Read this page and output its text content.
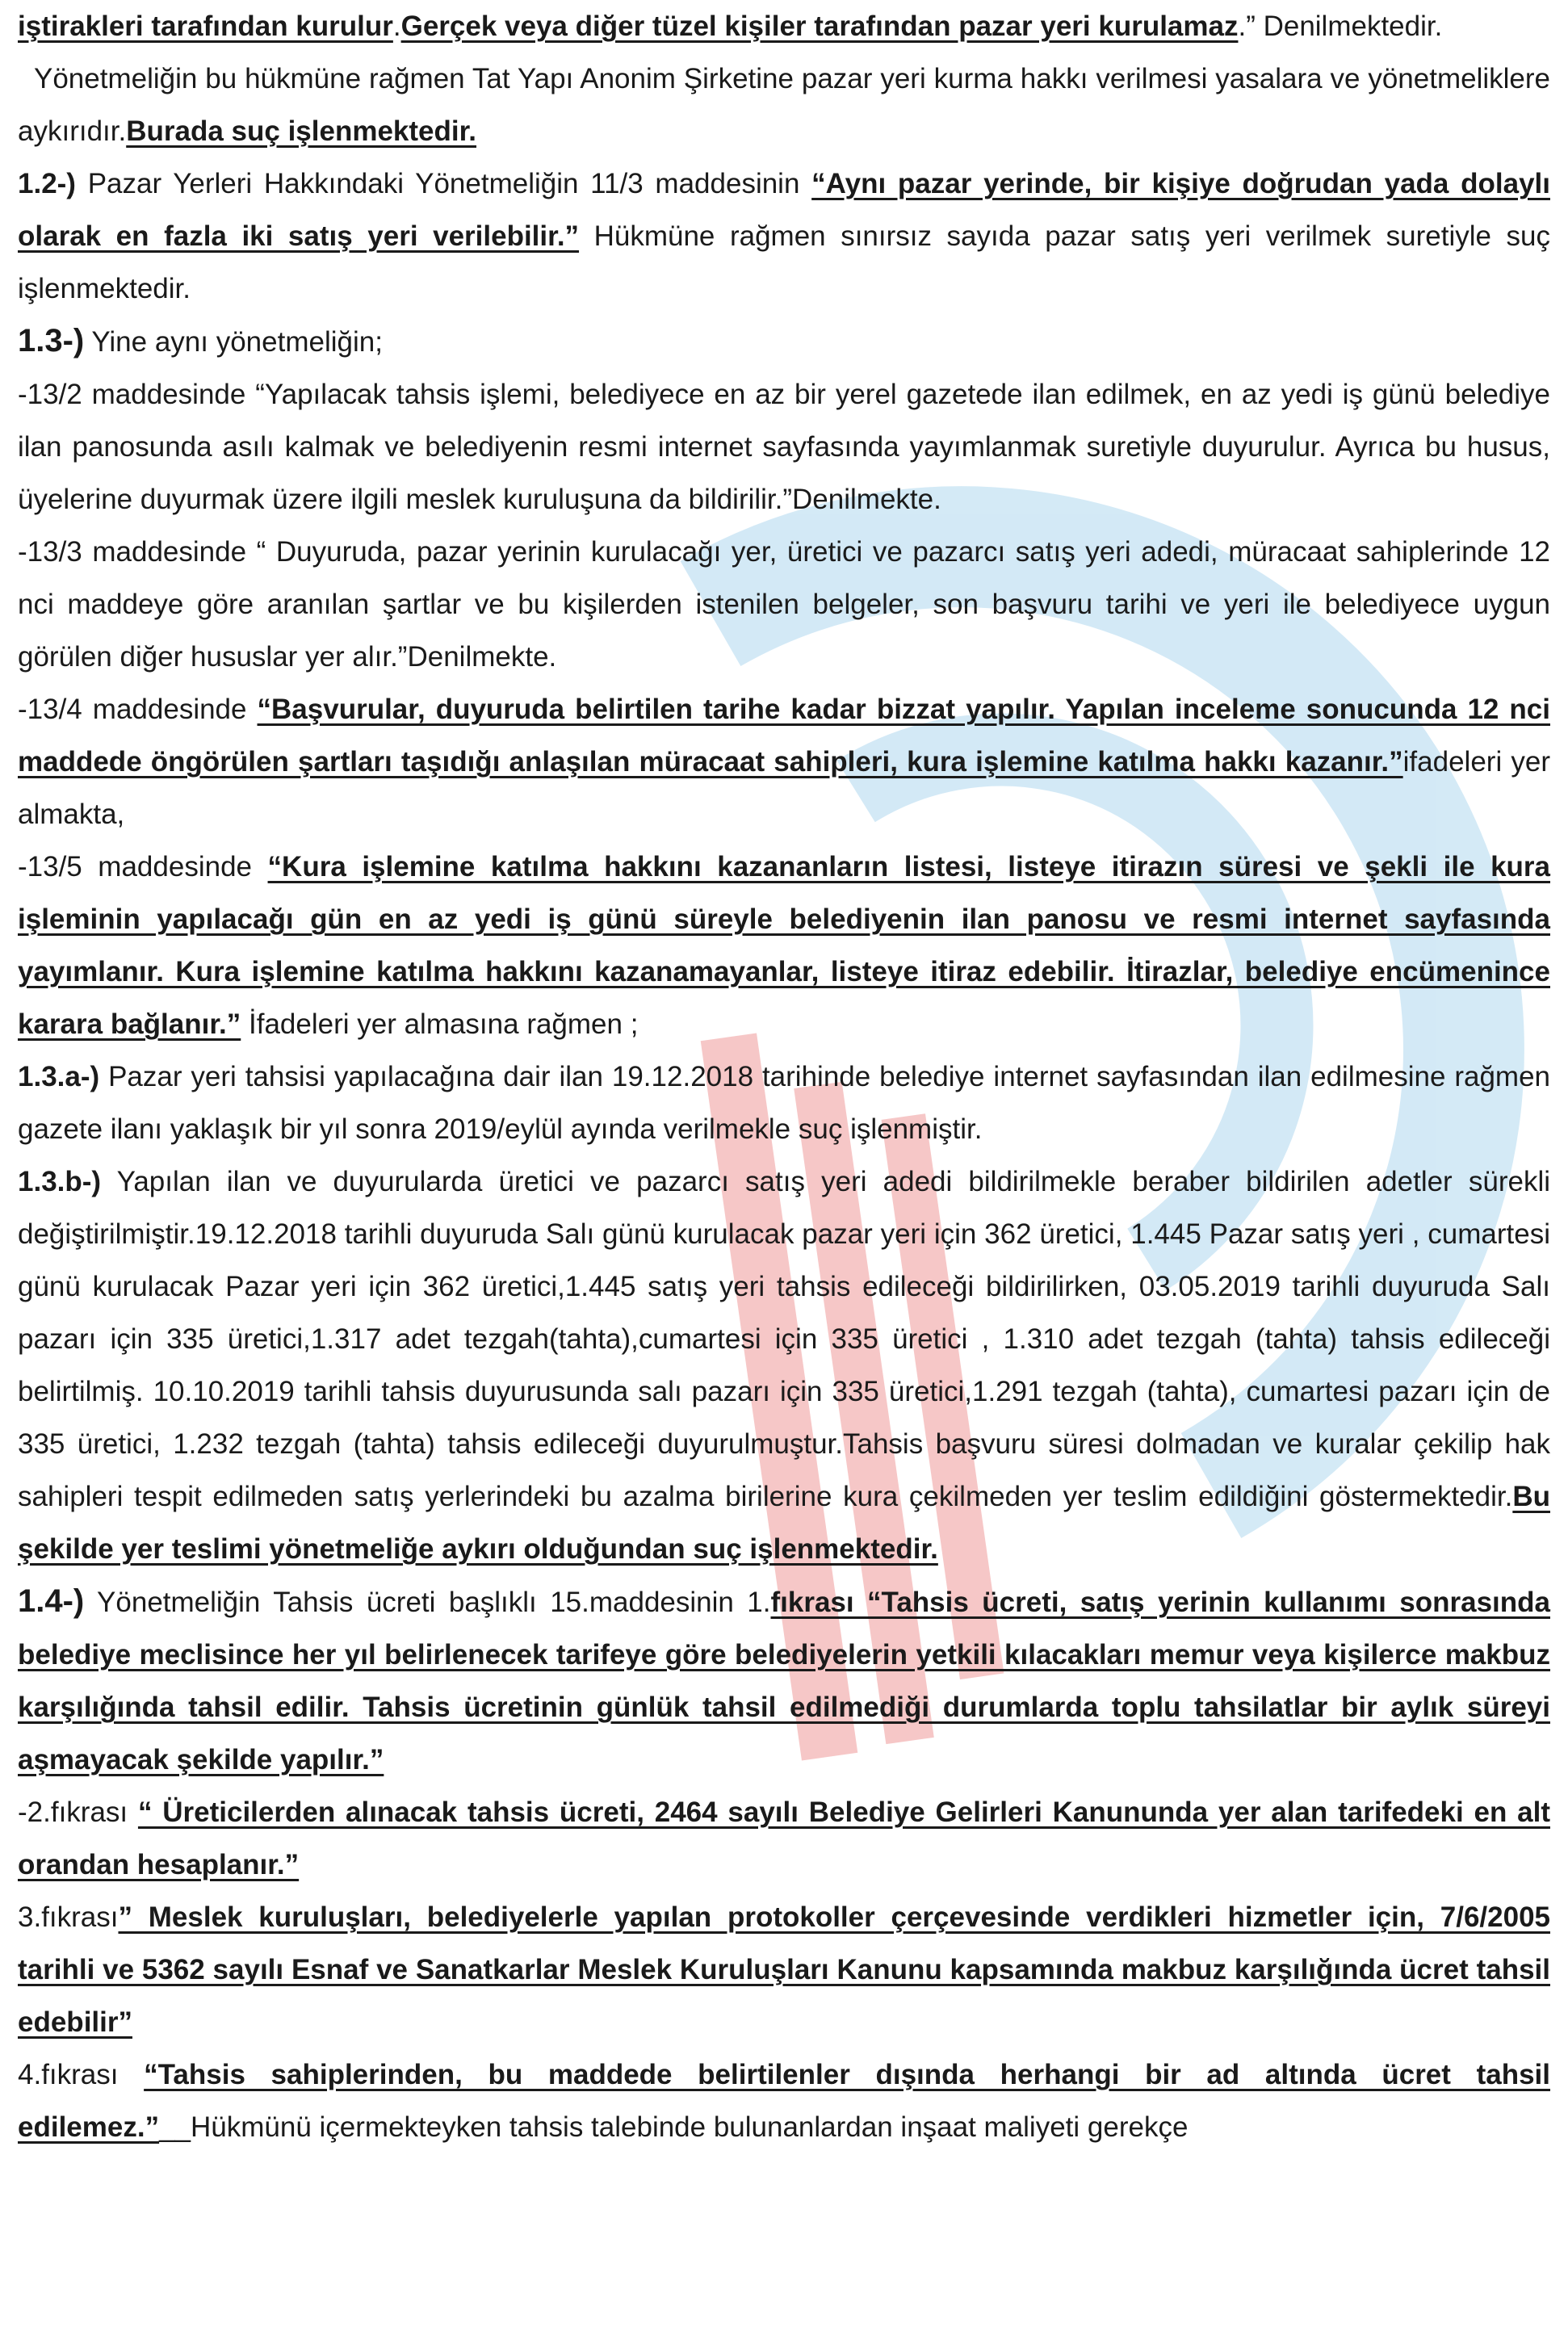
iştirakleri tarafından kurulur.Gerçek veya diğer tüzel kişiler tarafından pazar yeri kurulamaz.” Denilmektedir.

Yönetmeliğin bu hükmüne rağmen Tat Yapı Anonim Şirketine pazar yeri kurma hakkı verilmesi yasalara ve yönetmeliklere aykırıdır.Burada suç işlenmektedir.

1.2-) Pazar Yerleri Hakkındaki Yönetmeliğin 11/3 maddesinin “Aynı pazar yerinde, bir kişiye doğrudan yada dolaylı olarak en fazla iki satış yeri verilebilir.” Hükmüne rağmen sınırsız sayıda pazar satış yeri verilmek suretiyle suç işlenmektedir.

1.3-) Yine aynı yönetmeliğin;

-13/2 maddesinde “Yapılacak tahsis işlemi, belediyece en az bir yerel gazetede ilan edilmek, en az yedi iş günü belediye ilan panosunda asılı kalmak ve belediyenin resmi internet sayfasında yayımlanmak suretiyle duyurulur. Ayrıca bu husus, üyelerine duyurmak üzere ilgili meslek kuruluşuna da bildirilir.”Denilmekte.

-13/3 maddesinde “ Duyuruda, pazar yerinin kurulacağı yer, üretici ve pazarcı satış yeri adedi, müracaat sahiplerinde 12 nci maddeye göre aranılan şartlar ve bu kişilerden istenilen belgeler, son başvuru tarihi ve yeri ile belediyece uygun görülen diğer hususlar yer alır.”Denilmekte.

-13/4 maddesinde “Başvurular, duyuruda belirtilen tarihe kadar bizzat yapılır. Yapılan inceleme sonucunda 12 nci maddede öngörülen şartları taşıdığı anlaşılan müracaat sahipleri, kura işlemine katılma hakkı kazanır.”ifadeleri yer almakta,

-13/5 maddesinde “Kura işlemine katılma hakkını kazananların listesi, listeye itirazın süresi ve şekli ile kura işleminin yapılacağı gün en az yedi iş günü süreyle belediyenin ilan panosu ve resmi internet sayfasında yayımlanır. Kura işlemine katılma hakkını kazanamayanlar, listeye itiraz edebilir. İtirazlar, belediye encümenince karara bağlanır.” İfadeleri yer almasına rağmen ;

1.3.a-) Pazar yeri tahsisi yapılacağına dair ilan 19.12.2018 tarihinde belediye internet sayfasından ilan edilmesine rağmen gazete ilanı yaklaşık bir yıl sonra 2019/eylül ayında verilmekle suç işlenmiştir.

1.3.b-) Yapılan ilan ve duyurularda üretici ve pazarcı satış yeri adedi bildirilmekle beraber bildirilen adetler sürekli değiştirilmiştir.19.12.2018 tarihli duyuruda Salı günü kurulacak pazar yeri için 362 üretici, 1.445 Pazar satış yeri , cumartesi günü kurulacak Pazar yeri için 362 üretici,1.445 satış yeri tahsis edileceği bildirilirken, 03.05.2019 tarihli duyuruda Salı pazarı için 335 üretici,1.317 adet tezgah(tahta),cumartesi için 335 üretici , 1.310 adet tezgah (tahta) tahsis edileceği belirtilmiş. 10.10.2019 tarihli tahsis duyurusunda salı pazarı için 335 üretici,1.291 tezgah (tahta), cumartesi pazarı için de 335 üretici, 1.232 tezgah (tahta) tahsis edileceği duyurulmuştur.Tahsis başvuru süresi dolmadan ve kuralar çekilip hak sahipleri tespit edilmeden satış yerlerindeki bu azalma birilerine kura çekilmeden yer teslim edildiğini göstermektedir.Bu şekilde yer teslimi yönetmeliğe aykırı olduğundan suç işlenmektedir.

1.4-) Yönetmeliğin Tahsis ücreti başlıklı 15.maddesinin 1.fıkrası “Tahsis ücreti, satış yerinin kullanımı sonrasında belediye meclisince her yıl belirlenecek tarifeye göre belediyelerin yetkili kılacakları memur veya kişilerce makbuz karşılığında tahsil edilir. Tahsis ücretinin günlük tahsil edilmediği durumlarda toplu tahsilatlar bir aylık süreyi aşmayacak şekilde yapılır.”

-2.fıkrası “ Üreticilerden alınacak tahsis ücreti, 2464 sayılı Belediye Gelirleri Kanununda yer alan tarifedeki en alt orandan hesaplanır.”

3.fıkrası” Meslek kuruluşları, belediyelerle yapılan protokoller çerçevesinde verdikleri hizmetler için, 7/6/2005 tarihli ve 5362 sayılı Esnaf ve Sanatkarlar Meslek Kuruluşları Kanunu kapsamında makbuz karşılığında ücret tahsil edebilir”

4.fıkrası “Tahsis sahiplerinden, bu maddede belirtilenler dışında herhangi bir ad altında ücret tahsil edilemez.”__Hükmünü içermekteyken tahsis talebinde bulunanlardan inşaat maliyeti gerekçe
